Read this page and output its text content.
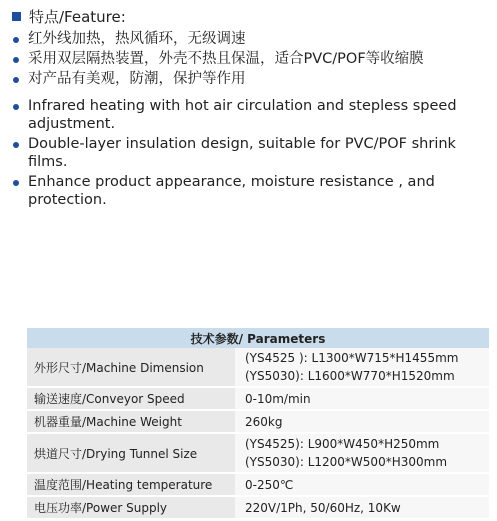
特点/Feature:
红外线加热，热风循环，无级调速
采用双层隔热装置，外壳不热且保温，适合PVC/POF等收缩膜
对产品有美观，防潮，保护等作用
Infrared heating with hot air circulation and stepless speed adjustment.
Double-layer insulation design, suitable for PVC/POF shrink films.
Enhance product appearance, moisture resistance , and protection.
技术参数/ Parameters	
外形尺寸/Machine Dimension	(YS4525 ): L1300*W715*H1455mm
(YS5030): L1600*W770*H1520mm

输送速度/Conveyor Speed	0-10m/min
机器重量/Machine Weight	260kg
烘道尺寸/Drying Tunnel Size	(YS4525): L900*W450*H250mm
(YS5030): L1200*W500*H300mm

温度范围/Heating temperature	0-250℃
电压功率/Power Supply	220V/1Ph, 50/60Hz, 10Kw
